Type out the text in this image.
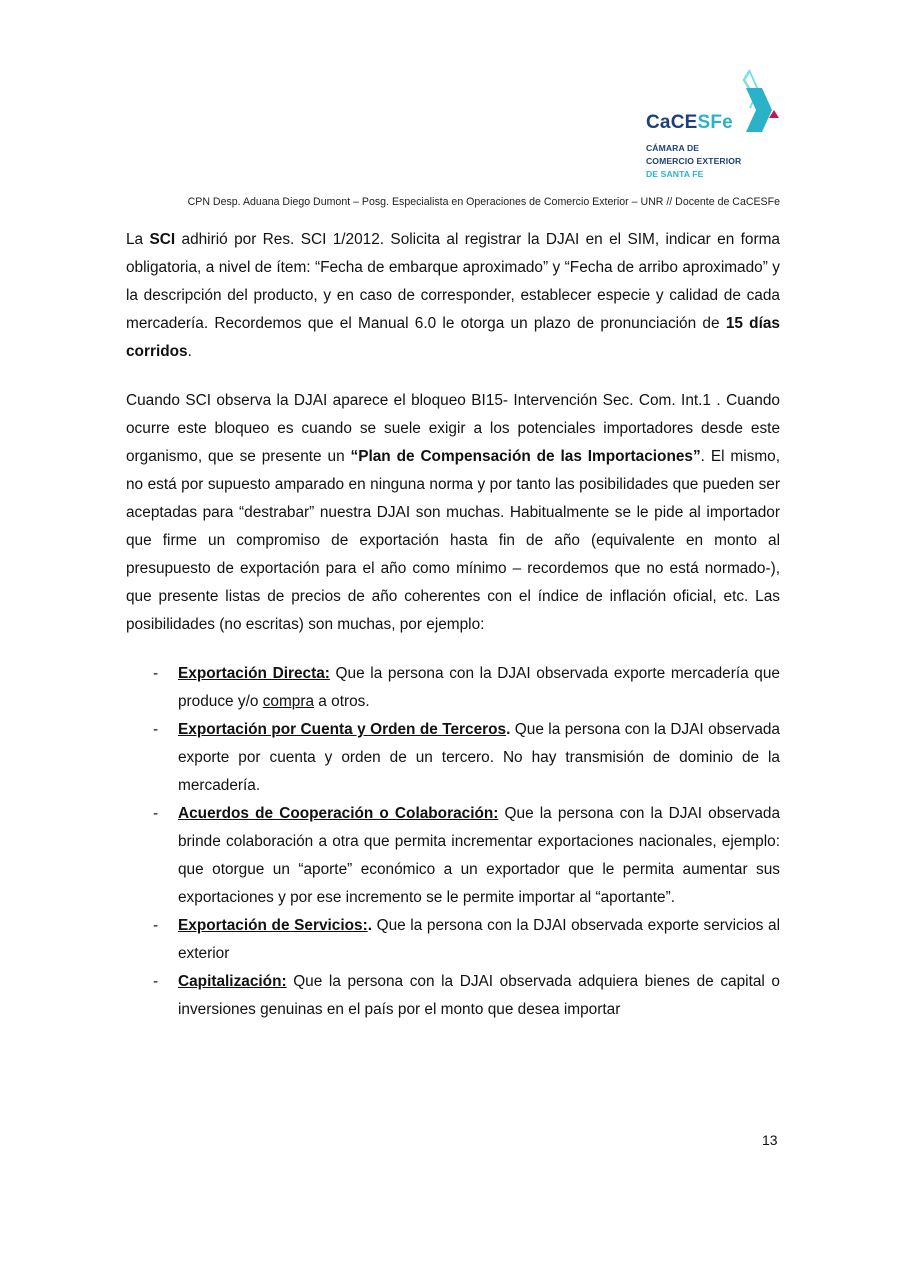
CaCESFe
CÁMARA DE
COMERCIO EXTERIOR
DE SANTA FE
CPN Desp. Aduana Diego Dumont – Posg. Especialista en Operaciones de Comercio Exterior – UNR // Docente de CaCESFe

La SCI adhirió por Res. SCI 1/2012. Solicita al registrar la DJAI en el SIM, indicar en forma obligatoria, a nivel de ítem: “Fecha de embarque aproximado” y “Fecha de arribo aproximado” y la descripción del producto, y en caso de corresponder, establecer especie y calidad de cada mercadería. Recordemos que el Manual 6.0 le otorga un plazo de pronunciación de 15 días corridos.

Cuando SCI observa la DJAI aparece el bloqueo BI15- Intervención Sec. Com. Int.1 . Cuando ocurre este bloqueo es cuando se suele exigir a los potenciales importadores desde este organismo, que se presente un “Plan de Compensación de las Importaciones”. El mismo, no está por supuesto amparado en ninguna norma y por tanto las posibilidades que pueden ser aceptadas para “destrabar” nuestra DJAI son muchas. Habitualmente se le pide al importador que firme un compromiso de exportación hasta fin de año (equivalente en monto al presupuesto de exportación para el año como mínimo – recordemos que no está normado-), que presente listas de precios de año coherentes con el índice de inflación oficial, etc. Las posibilidades (no escritas) son muchas, por ejemplo:

- Exportación Directa: Que la persona con la DJAI observada exporte mercadería que produce y/o compra a otros.
- Exportación por Cuenta y Orden de Terceros. Que la persona con la DJAI observada exporte por cuenta y orden de un tercero. No hay transmisión de dominio de la mercadería.
- Acuerdos de Cooperación o Colaboración: Que la persona con la DJAI observada brinde colaboración a otra que permita incrementar exportaciones nacionales, ejemplo: que otorgue un “aporte” económico a un exportador que le permita aumentar sus exportaciones y por ese incremento se le permite importar al “aportante”.
- Exportación de Servicios:. Que la persona con la DJAI observada exporte servicios al exterior
- Capitalización: Que la persona con la DJAI observada adquiera bienes de capital o inversiones genuinas en el país por el monto que desea importar
13
